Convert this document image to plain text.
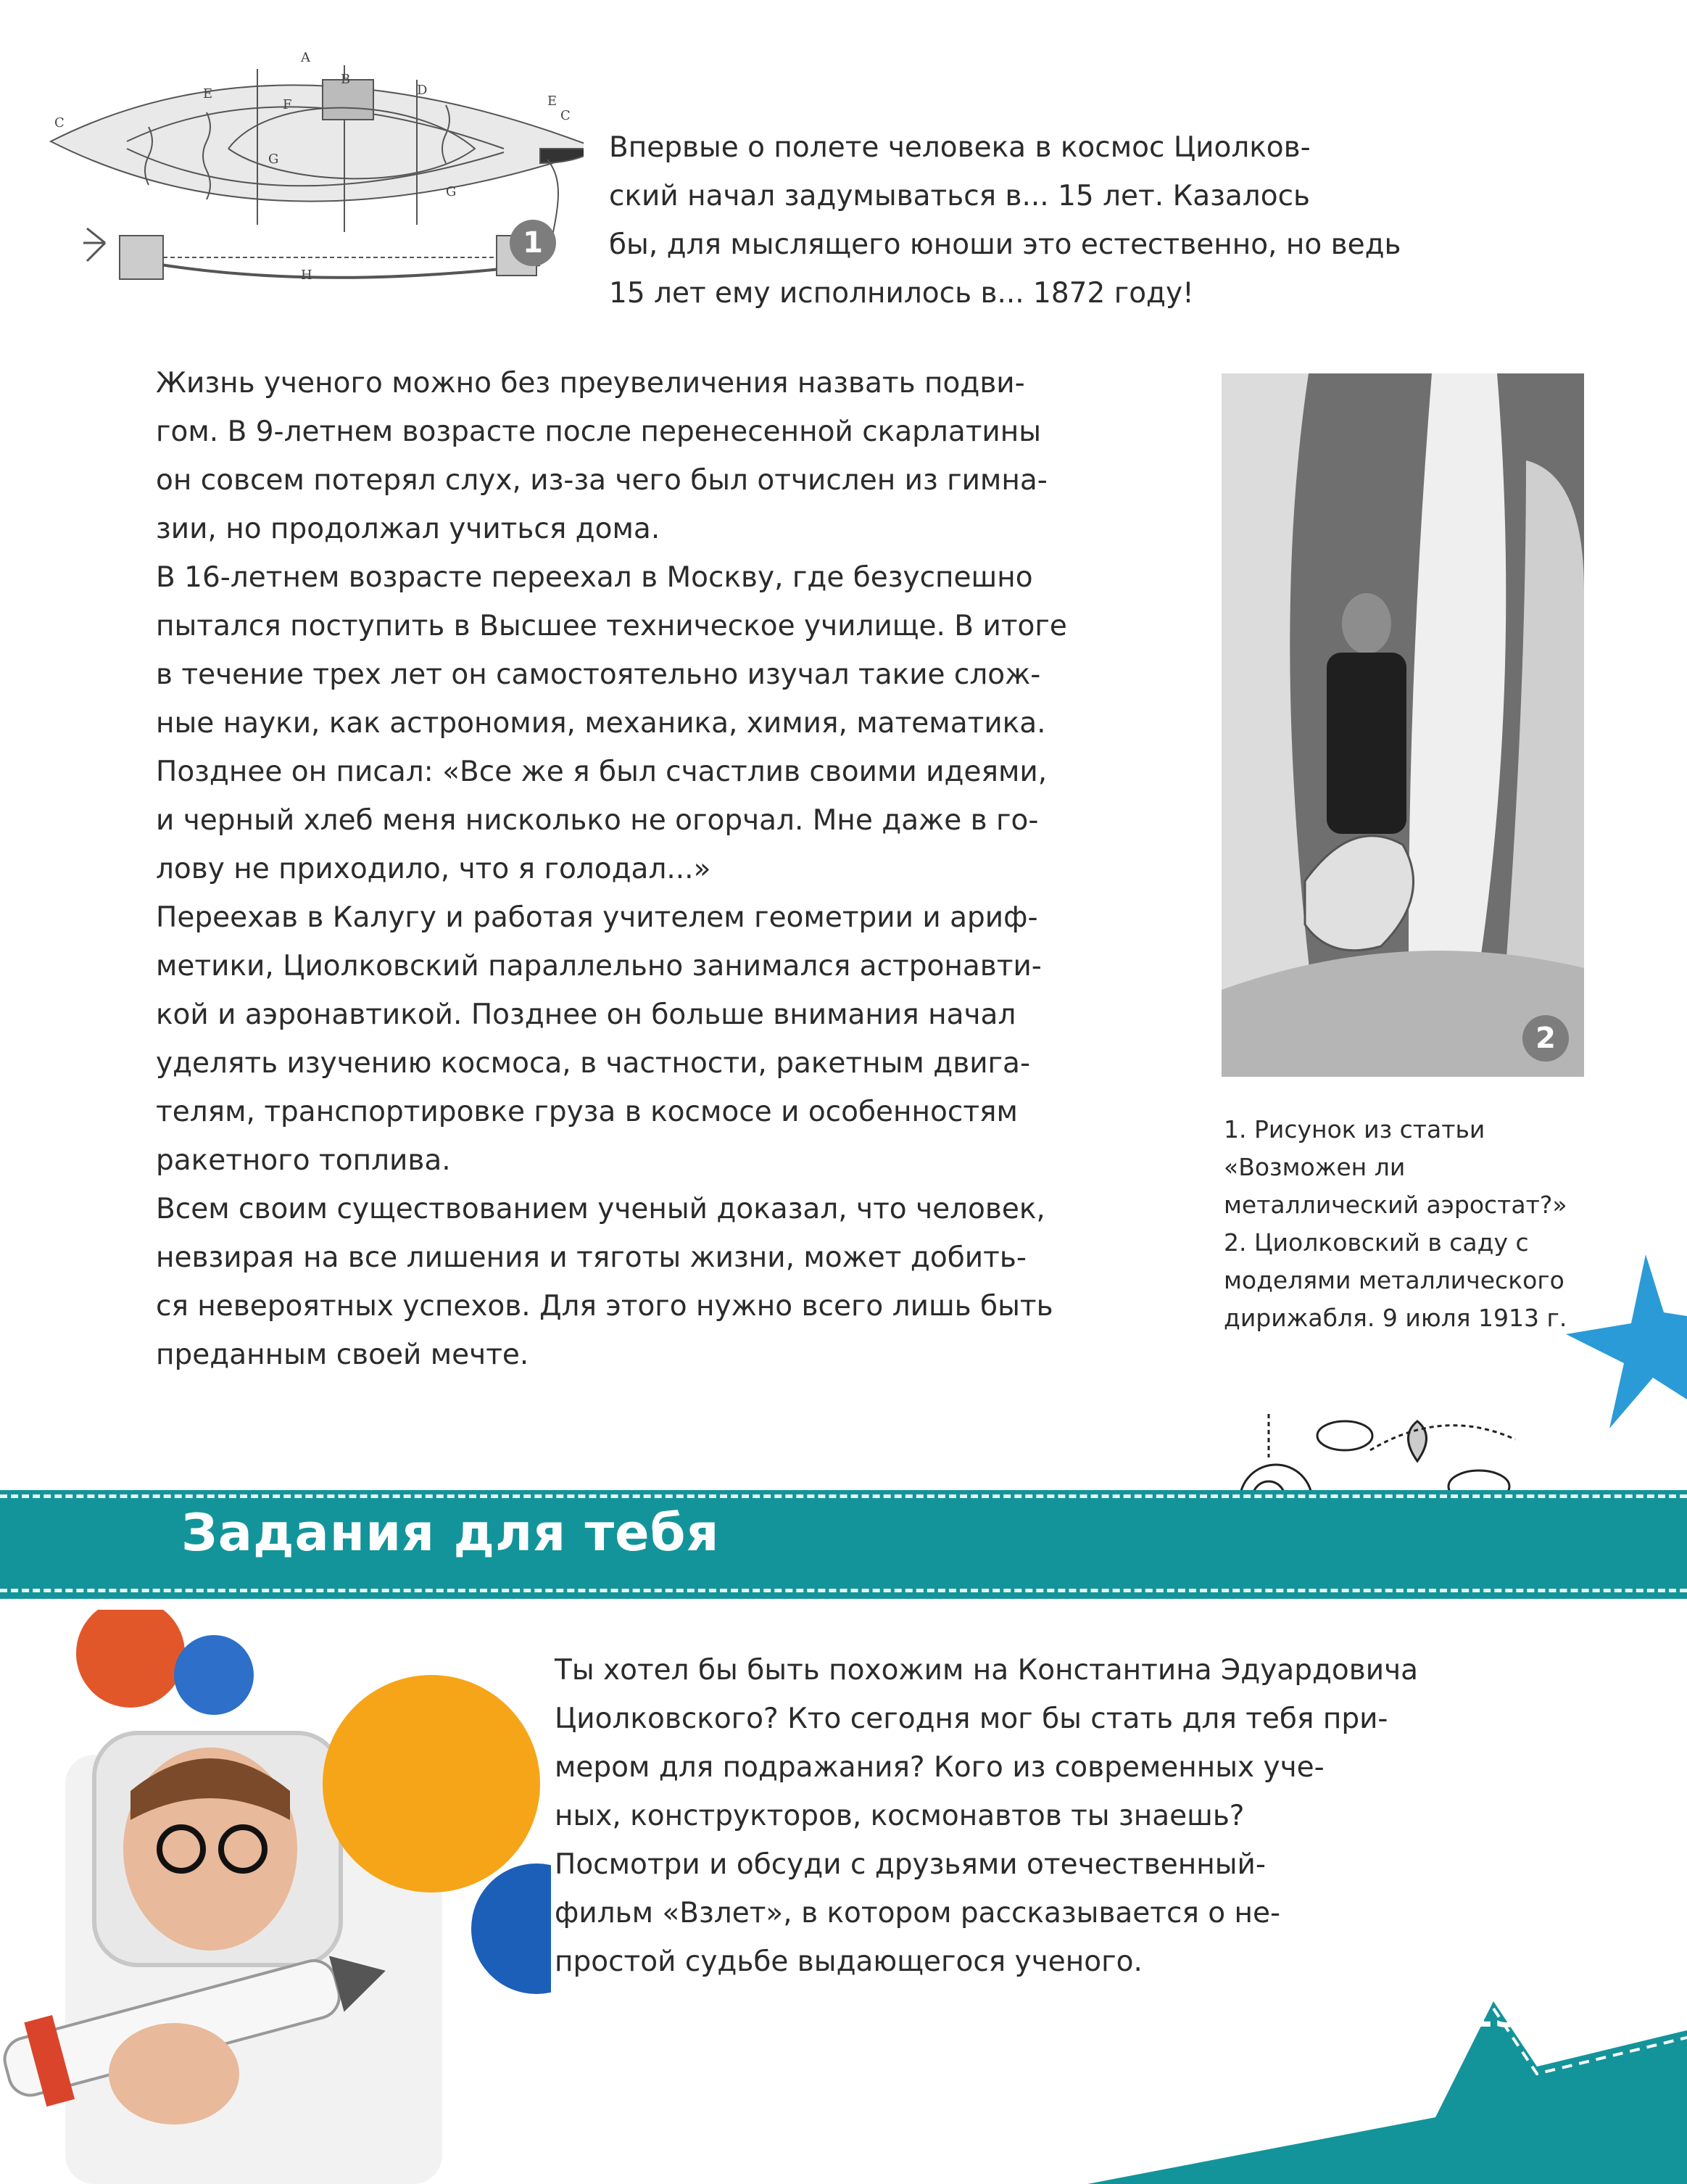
A
B
C
D
E	E
C
F
G
G
H
1

Впервые о полете человека в космос Циолков-
ский начал задумываться в... 15 лет. Казалось
бы, для мыслящего юноши это естественно, но ведь
15 лет ему исполнилось в... 1872 году!

Жизнь ученого можно без преувеличения назвать подви-
гом. В 9-летнем возрасте после перенесенной скарлатины
он совсем потерял слух, из-за чего был отчислен из гимна-
зии, но продолжал учиться дома.

В 16-летнем возрасте переехал в Москву, где безуспешно
пытался поступить в Высшее техническое училище. В итоге
в течение трех лет он самостоятельно изучал такие слож-
ные науки, как астрономия, механика, химия, математика.
Позднее он писал: «Все же я был счастлив своими идеями,
и черный хлеб меня нисколько не огорчал. Мне даже в го-
лову не приходило, что я голодал...»

Переехав в Калугу и работая учителем геометрии и ариф-
метики, Циолковский параллельно занимался астронавти-
кой и аэронавтикой. Позднее он больше внимания начал
уделять изучению космоса, в частности, ракетным двига-
телям, транспортировке груза в космосе и особенностям
ракетного топлива.

Всем своим существованием ученый доказал, что человек,
невзирая на все лишения и тяготы жизни, может добить-
ся невероятных успехов. Для этого нужно всего лишь быть
преданным своей мечте.

2
1. Рисунок из статьи
«Возможен ли
металлический аэростат?»
2. Циолковский в саду с
моделями металлического
дирижабля. 9 июля 1913 г.
Задания для тебя

Ты хотел бы быть похожим на Константина Эдуардовича
Циолковского? Кто сегодня мог бы стать для тебя при-
мером для подражания? Кого из современных уче-
ных, конструкторов, космонавтов ты знаешь?
Посмотри и обсуди с друзьями отечественный-
фильм «Взлет», в котором рассказывается о не-
простой судьбе выдающегося ученого.

13
